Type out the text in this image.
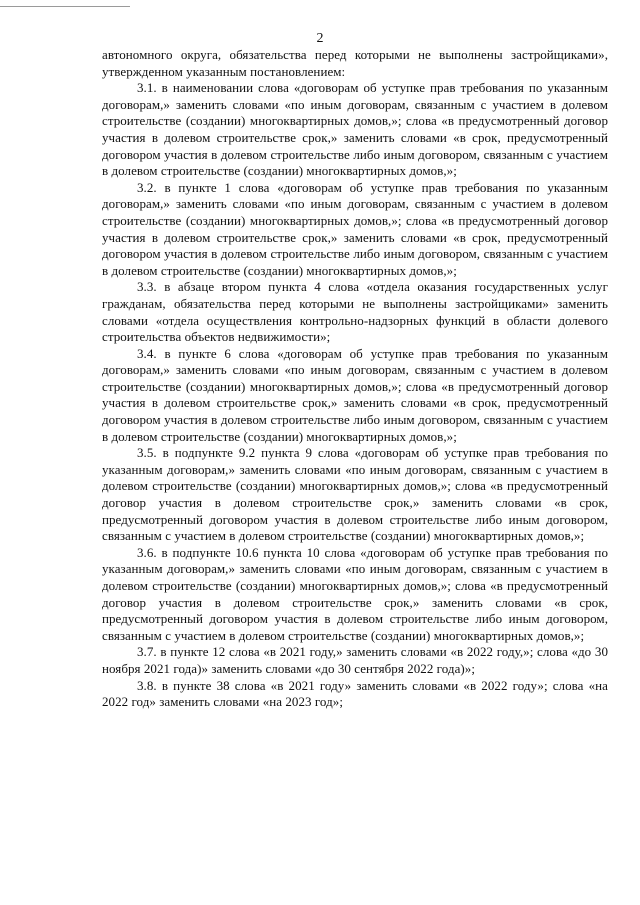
2

автономного округа, обязательства перед которыми не выполнены застройщиками», утвержденном указанным постановлением:

3.1. в наименовании слова «договорам об уступке прав требования по указанным договорам,» заменить словами «по иным договорам, связанным с участием в долевом строительстве (создании) многоквартирных домов,»; слова «в предусмотренный договор участия в долевом строительстве срок,» заменить словами «в срок, предусмотренный договором участия в долевом строительстве либо иным договором, связанным с участием в долевом строительстве (создании) многоквартирных домов,»;

3.2. в пункте 1 слова «договорам об уступке прав требования по указанным договорам,» заменить словами «по иным договорам, связанным с участием в долевом строительстве (создании) многоквартирных домов,»; слова «в предусмотренный договор участия в долевом строительстве срок,» заменить словами «в срок, предусмотренный договором участия в долевом строительстве либо иным договором, связанным с участием в долевом строительстве (создании) многоквартирных домов,»;

3.3. в абзаце втором пункта 4 слова «отдела оказания государственных услуг гражданам, обязательства перед которыми не выполнены застройщиками» заменить словами «отдела осуществления контрольно-надзорных функций в области долевого строительства объектов недвижимости»;

3.4. в пункте 6 слова «договорам об уступке прав требования по указанным договорам,» заменить словами «по иным договорам, связанным с участием в долевом строительстве (создании) многоквартирных домов,»; слова «в предусмотренный договор участия в долевом строительстве срок,» заменить словами «в срок, предусмотренный договором участия в долевом строительстве либо иным договором, связанным с участием в долевом строительстве (создании) многоквартирных домов,»;

3.5. в подпункте 9.2 пункта 9 слова «договорам об уступке прав требования по указанным договорам,» заменить словами «по иным договорам, связанным с участием в долевом строительстве (создании) многоквартирных домов,»; слова «в предусмотренный договор участия в долевом строительстве срок,» заменить словами «в срок, предусмотренный договором участия в долевом строительстве либо иным договором, связанным с участием в долевом строительстве (создании) многоквартирных домов,»;

3.6. в подпункте 10.6 пункта 10 слова «договорам об уступке прав требования по указанным договорам,» заменить словами «по иным договорам, связанным с участием в долевом строительстве (создании) многоквартирных домов,»; слова «в предусмотренный договор участия в долевом строительстве срок,» заменить словами «в срок, предусмотренный договором участия в долевом строительстве либо иным договором, связанным с участием в долевом строительстве (создании) многоквартирных домов,»;

3.7. в пункте 12 слова «в 2021 году,» заменить словами «в 2022 году,»; слова «до 30 ноября 2021 года)» заменить словами «до 30 сентября 2022 года)»;

3.8. в пункте 38 слова «в 2021 году» заменить словами «в 2022 году»; слова «на 2022 год» заменить словами «на 2023 год»;
